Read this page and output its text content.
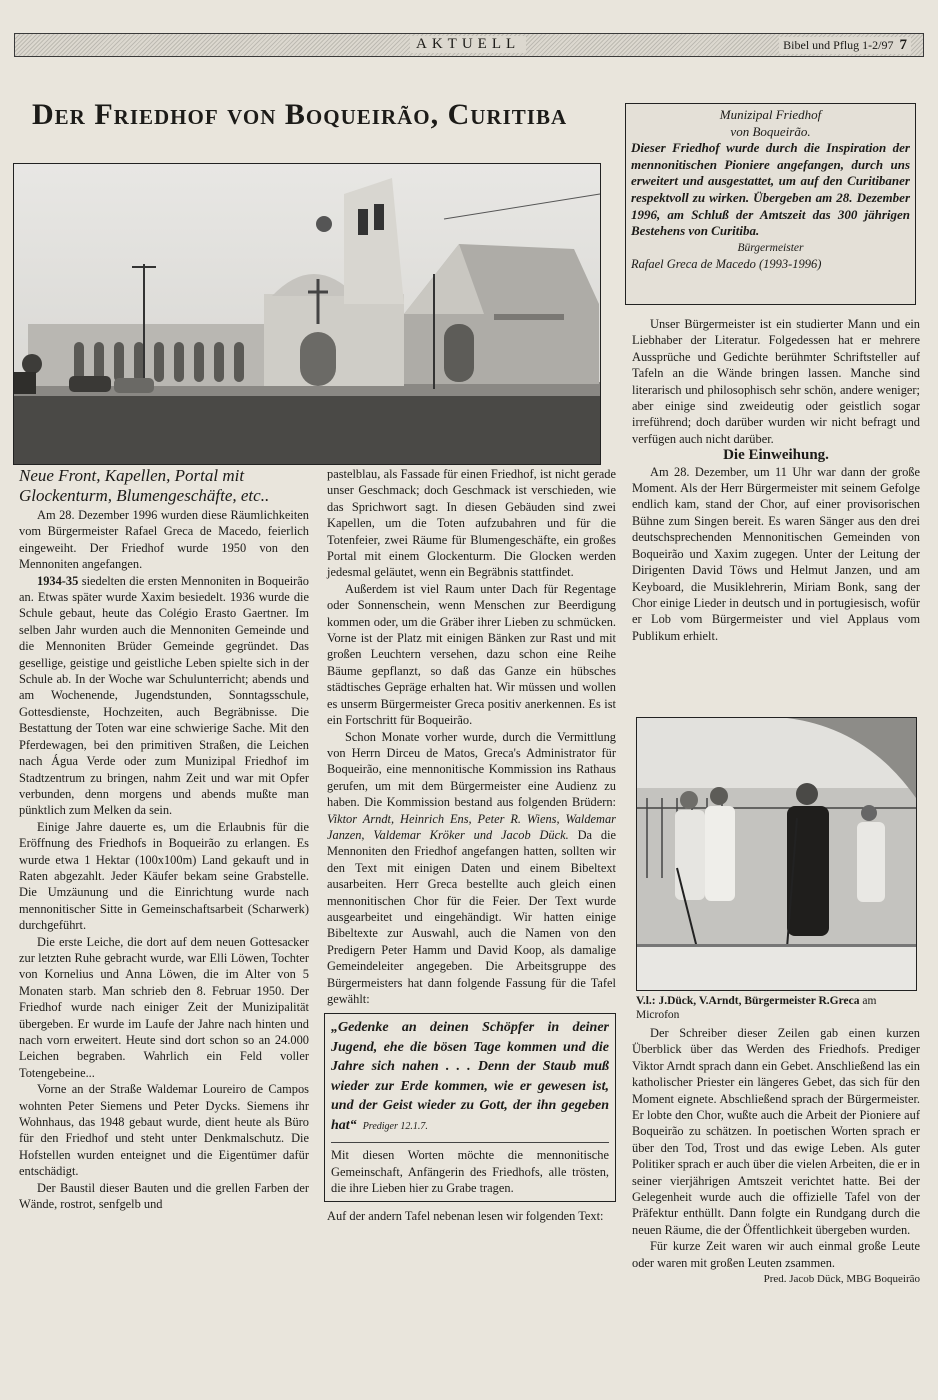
AKTUELL	Bibel und Pflug 1-2/97 7
Der Friedhof von Boqueirão, Curitiba	Munizipal Friedhof
von Boqueirão.
Dieser Friedhof wurde durch die Inspiration der mennonitischen Pioniere angefangen, durch uns erweitert und ausgestattet, um auf den Curitibaner respektvoll zu wirken. Übergeben am 28. Dezember 1996, am Schluß der Amtszeit das 300 jährigen Bestehens von Curitiba.
Bürgermeister
Rafael Greca de Macedo (1993-1996)
Neue Front, Kapellen, Portal mit Glockenturm, Blumengeschäfte, etc..

Am 28. Dezember 1996 wurden diese Räumlichkeiten vom Bürgermeister Rafael Greca de Macedo, feierlich eingeweiht. Der Friedhof wurde 1950 von den Mennoniten angefangen.

1934-35 siedelten die ersten Mennoniten in Boqueirão an. Etwas später wurde Xaxim besiedelt. 1936 wurde die Schule gebaut, heute das Colégio Erasto Gaertner. Im selben Jahr wurden auch die Mennoniten Gemeinde und die Mennoniten Brüder Gemeinde gegründet. Das gesellige, geistige und geistliche Leben spielte sich in der Schule ab. In der Woche war Schulunterricht; abends und am Wochenende, Jugendstunden, Sonntagsschule, Gottesdienste, Hochzeiten, auch Begräbnisse. Die Bestattung der Toten war eine schwierige Sache. Mit den Pferdewagen, bei den primitiven Straßen, die Leichen nach Água Verde oder zum Munizipal Friedhof im Stadtzentrum zu bringen, nahm Zeit und war mit Opfer verbunden, denn morgens und abends mußte man pünktlich zum Melken da sein.

Einige Jahre dauerte es, um die Erlaubnis für die Eröffnung des Friedhofs in Boqueirão zu erlangen. Es wurde etwa 1 Hektar (100x100m) Land gekauft und in Raten abgezahlt. Jeder Käufer bekam seine Grabstelle. Die Umzäunung und die Einrichtung wurde nach mennonitischer Sitte in Gemeinschaftsarbeit (Scharwerk) durchgeführt.

Die erste Leiche, die dort auf dem neuen Gottesacker zur letzten Ruhe gebracht wurde, war Elli Löwen, Tochter von Kornelius und Anna Löwen, die im Alter von 5 Monaten starb. Man schrieb den 8. Februar 1950. Der Friedhof wurde nach einiger Zeit der Munizipalität übergeben. Er wurde im Laufe der Jahre nach hinten und nach vorn erweitert. Heute sind dort schon so an 24.000 Leichen begraben. Wahrlich ein Feld voller Totengebeine...

Vorne an der Straße Waldemar Loureiro de Campos wohnten Peter Siemens und Peter Dycks. Siemens ihr Wohnhaus, das 1948 gebaut wurde, dient heute als Büro für den Friedhof und steht unter Denkmalschutz. Die Hofstellen wurden enteignet und die Eigentümer dafür entschädigt.

Der Baustil dieser Bauten und die grellen Farben der Wände, rostrot, senfgelb und

pastelblau, als Fassade für einen Friedhof, ist nicht gerade unser Geschmack; doch Geschmack ist verschieden, wie das Sprichwort sagt. In diesen Gebäuden sind zwei Kapellen, um die Toten aufzubahren und für die Totenfeier, zwei Räume für Blumengeschäfte, ein großes Portal mit einem Glockenturm. Die Glocken werden jedesmal geläutet, wenn ein Begräbnis stattfindet.

Außerdem ist viel Raum unter Dach für Regentage oder Sonnenschein, wenn Menschen zur Beerdigung kommen oder, um die Gräber ihrer Lieben zu schmücken. Vorne ist der Platz mit einigen Bänken zur Rast und mit großen Leuchtern versehen, dazu schon eine Reihe Bäume gepflanzt, so daß das Ganze ein hübsches städtisches Gepräge erhalten hat. Wir müssen und wollen es unserm Bürgermeister Greca positiv anerkennen. Es ist ein Fortschritt für Boqueirão.

Schon Monate vorher wurde, durch die Vermittlung von Herrn Dirceu de Matos, Greca's Administrator für Boqueirão, eine mennonitische Kommission ins Rathaus gerufen, um mit dem Bürgermeister eine Audienz zu haben. Die Kommission bestand aus folgenden Brüdern: Viktor Arndt, Heinrich Ens, Peter R. Wiens, Waldemar Janzen, Valdemar Kröker und Jacob Dück. Da die Mennoniten den Friedhof angefangen hatten, sollten wir den Text mit einigen Daten und einem Bibeltext ausarbeiten. Herr Greca bestellte auch gleich einen mennonitischen Chor für die Feier. Der Text wurde ausgearbeitet und eingehändigt. Wir hatten einige Bibeltexte zur Auswahl, auch die Namen von den Predigern Peter Hamm und David Koop, als damalige Gemeindeleiter angegeben. Die Arbeitsgruppe des Bürgermeisters hat dann folgende Fassung für die Tafel gewählt:

„Gedenke an deinen Schöpfer in deiner Jugend, ehe die bösen Tage kommen und die Jahre sich nahen . . . Denn der Staub muß wieder zur Erde kommen, wie er gewesen ist, und der Geist wieder zu Gott, der ihn gegeben hat“ Prediger 12.1.7.
Mit diesen Worten möchte die mennonitische Gemeinschaft, Anfängerin des Friedhofs, alle trösten, die ihre Lieben hier zu Grabe tragen.

Auf der andern Tafel nebenan lesen wir folgenden Text:

Unser Bürgermeister ist ein studierter Mann und ein Liebhaber der Literatur. Folgedessen hat er mehrere Aussprüche und Gedichte berühmter Schriftsteller auf Tafeln an die Wände bringen lassen. Manche sind literarisch und philosophisch sehr schön, andere weniger; aber einige sind zweideutig oder geistlich sogar irreführend; doch darüber wurden wir nicht befragt und verfügen auch nicht darüber.

Die Einweihung.

Am 28. Dezember, um 11 Uhr war dann der große Moment. Als der Herr Bürgermeister mit seinem Gefolge endlich kam, stand der Chor, auf einer provisorischen Bühne zum Singen bereit. Es waren Sänger aus den drei deutschsprechenden Mennonitischen Gemeinden von Boqueirão und Xaxim zugegen. Unter der Leitung der Dirigenten David Töws und Helmut Janzen, und am Keyboard, die Musiklehrerin, Miriam Bonk, sang der Chor einige Lieder in deutsch und in portugiesisch, wofür er Lob vom Bürgermeister und viel Applaus vom Publikum erhielt.

V.l.: J.Dück, V.Arndt, Bürgermeister R.Greca am Microfon

Der Schreiber dieser Zeilen gab einen kurzen Überblick über das Werden des Friedhofs. Prediger Viktor Arndt sprach dann ein Gebet. Anschließend las ein katholischer Priester ein längeres Gebet, das sich für den Moment eignete. Abschließend sprach der Bürgermeister. Er lobte den Chor, wußte auch die Arbeit der Pioniere auf Boqueirão zu schätzen. In poetischen Worten sprach er über den Tod, Trost und das ewige Leben. Als guter Politiker sprach er auch über die vielen Arbeiten, die er in seiner vierjährigen Amtszeit verichtet hatte. Bei der Gelegenheit wurde auch die offizielle Tafel von der Präfektur enthüllt. Dann folgte ein Rundgang durch die neuen Räume, die der Öffentlichkeit übergeben wurden.

Für kurze Zeit waren wir auch einmal große Leute oder waren mit großen Leuten zsammen.
Pred. Jacob Dück, MBG Boqueirão
